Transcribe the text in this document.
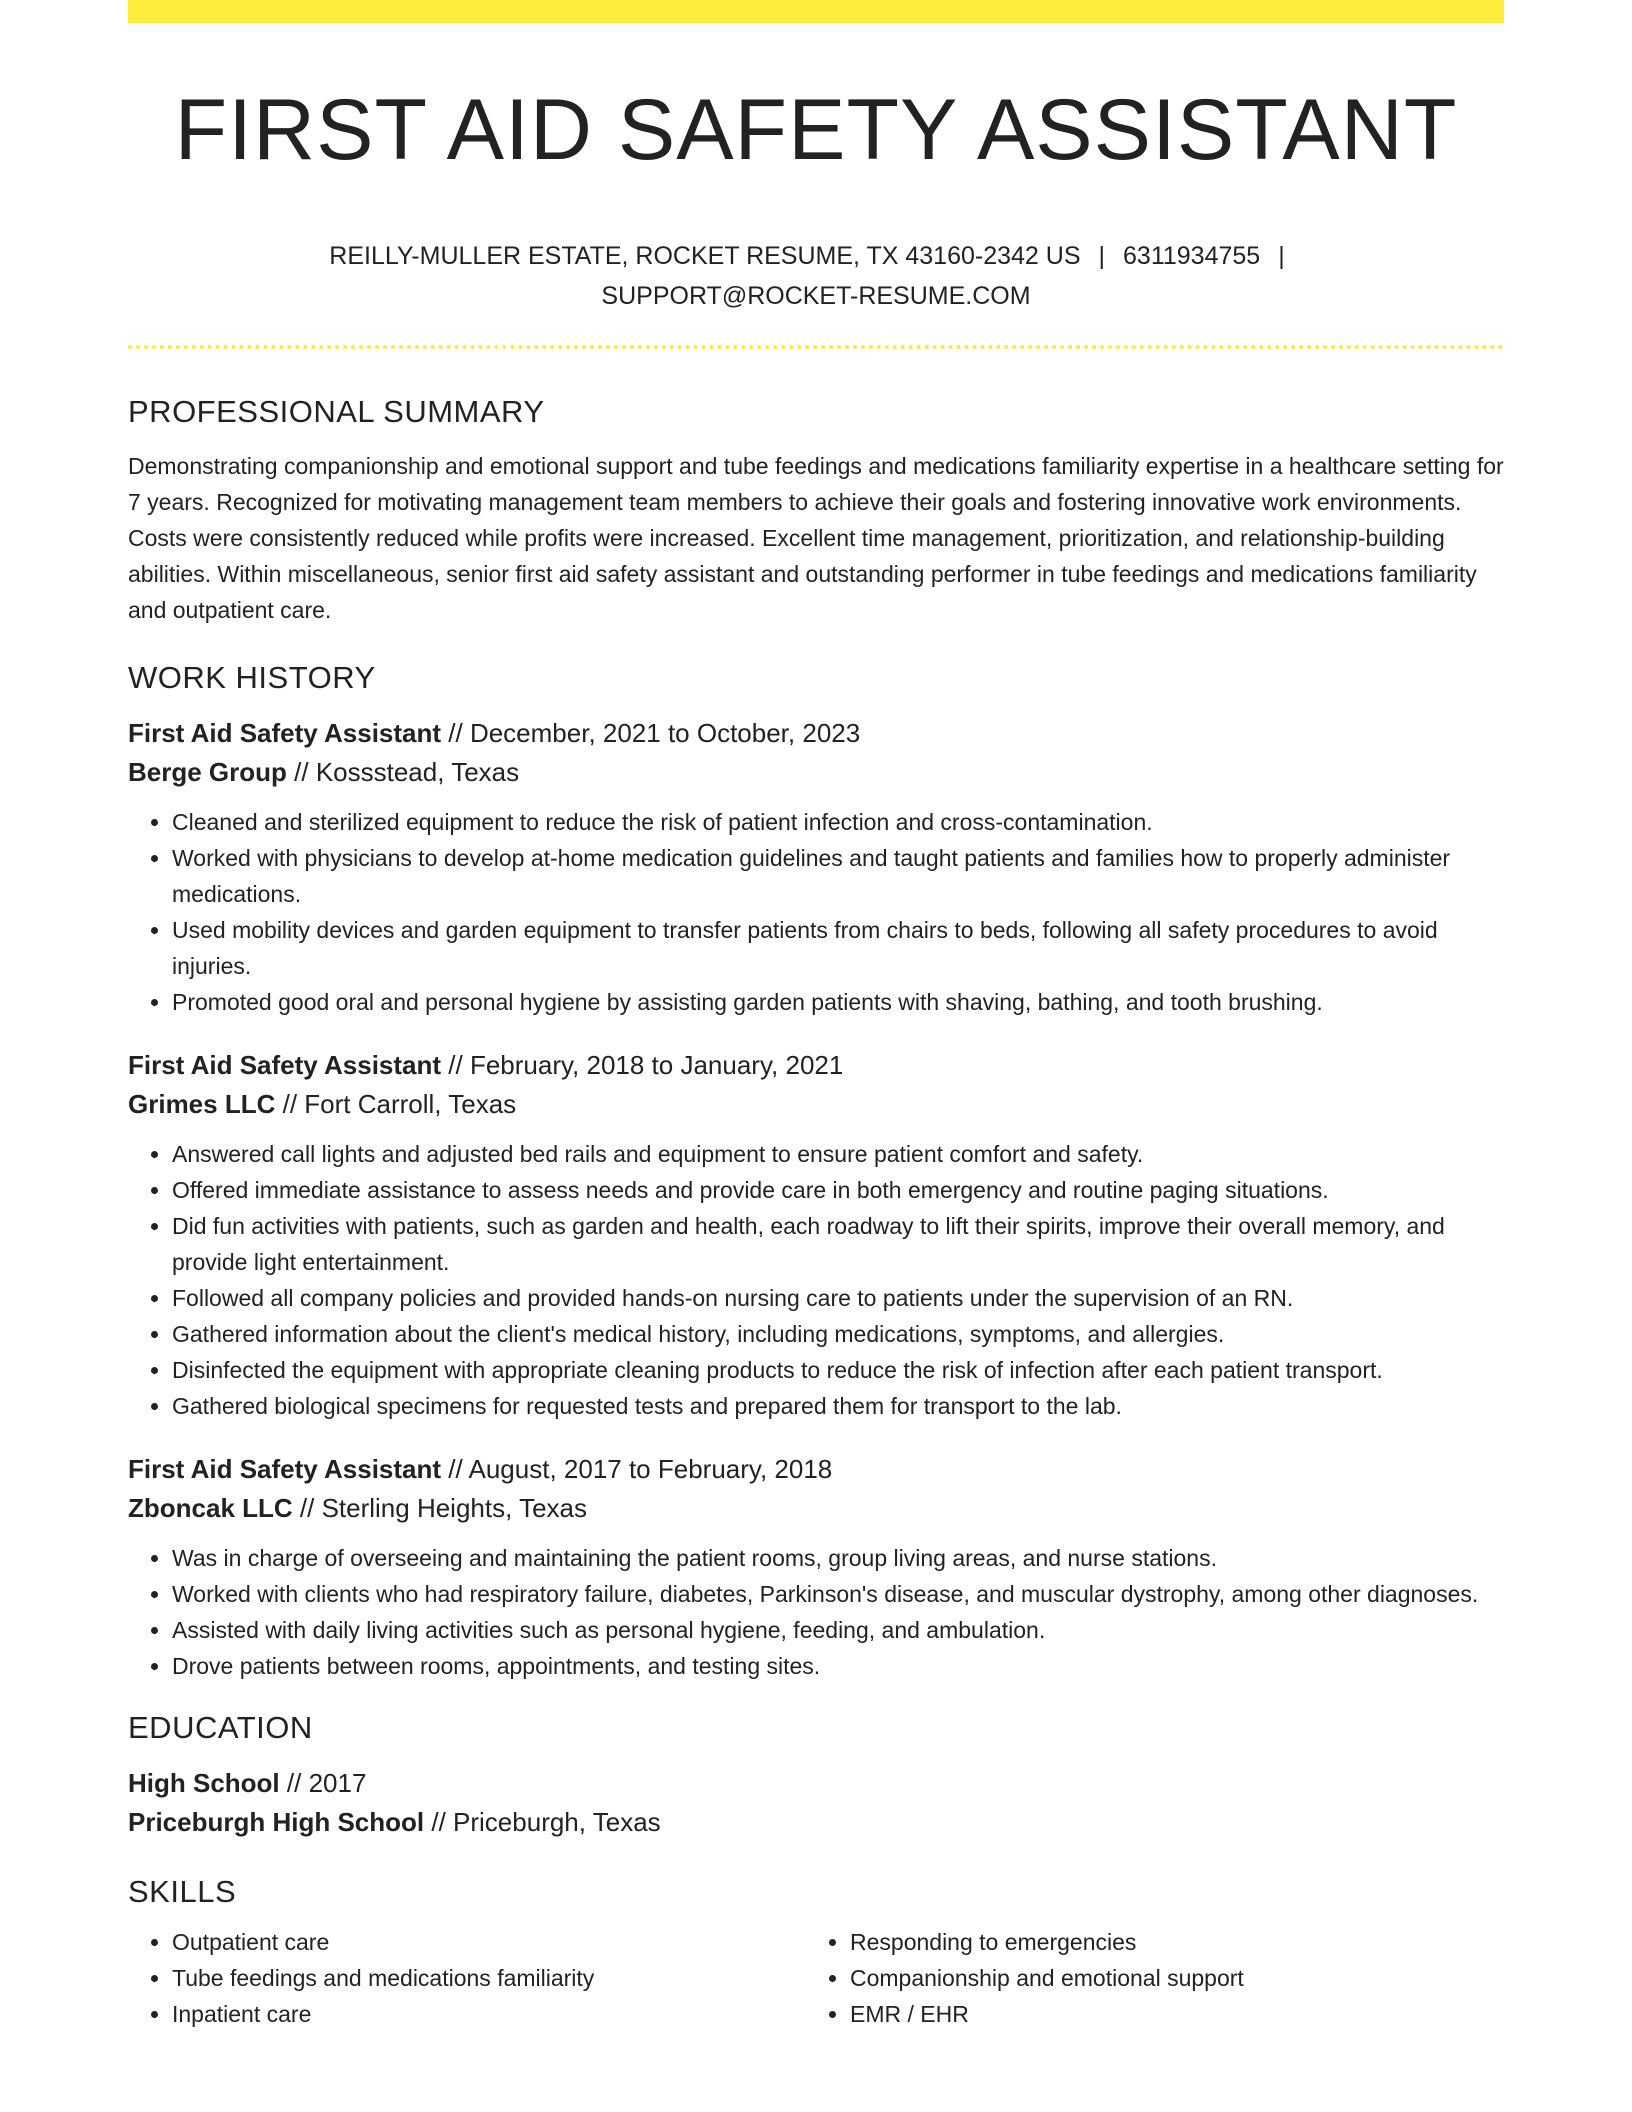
FIRST AID SAFETY ASSISTANT
REILLY-MULLER ESTATE, ROCKET RESUME, TX 43160-2342 US | 6311934755 |
SUPPORT@ROCKET-RESUME.COM
PROFESSIONAL SUMMARY

Demonstrating companionship and emotional support and tube feedings and medications familiarity expertise in a healthcare setting for 7 years. Recognized for motivating management team members to achieve their goals and fostering innovative work environments. Costs were consistently reduced while profits were increased. Excellent time management, prioritization, and relationship-building abilities. Within miscellaneous, senior first aid safety assistant and outstanding performer in tube feedings and medications familiarity and outpatient care.

WORK HISTORY
First Aid Safety Assistant // December, 2021 to October, 2023
Berge Group // Kossstead, Texas
• Cleaned and sterilized equipment to reduce the risk of patient infection and cross-contamination.
• Worked with physicians to develop at-home medication guidelines and taught patients and families how to properly administer medications.
• Used mobility devices and garden equipment to transfer patients from chairs to beds, following all safety procedures to avoid injuries.
• Promoted good oral and personal hygiene by assisting garden patients with shaving, bathing, and tooth brushing.
First Aid Safety Assistant // February, 2018 to January, 2021
Grimes LLC // Fort Carroll, Texas
• Answered call lights and adjusted bed rails and equipment to ensure patient comfort and safety.
• Offered immediate assistance to assess needs and provide care in both emergency and routine paging situations.
• Did fun activities with patients, such as garden and health, each roadway to lift their spirits, improve their overall memory, and provide light entertainment.
• Followed all company policies and provided hands-on nursing care to patients under the supervision of an RN.
• Gathered information about the client's medical history, including medications, symptoms, and allergies.
• Disinfected the equipment with appropriate cleaning products to reduce the risk of infection after each patient transport.
• Gathered biological specimens for requested tests and prepared them for transport to the lab.
First Aid Safety Assistant // August, 2017 to February, 2018
Zboncak LLC // Sterling Heights, Texas
• Was in charge of overseeing and maintaining the patient rooms, group living areas, and nurse stations.
• Worked with clients who had respiratory failure, diabetes, Parkinson's disease, and muscular dystrophy, among other diagnoses.
• Assisted with daily living activities such as personal hygiene, feeding, and ambulation.
• Drove patients between rooms, appointments, and testing sites.
EDUCATION
High School // 2017
Priceburgh High School // Priceburgh, Texas
SKILLS
• Outpatient care
• Tube feedings and medications familiarity
• Inpatient care
• Responding to emergencies
• Companionship and emotional support
• EMR / EHR
